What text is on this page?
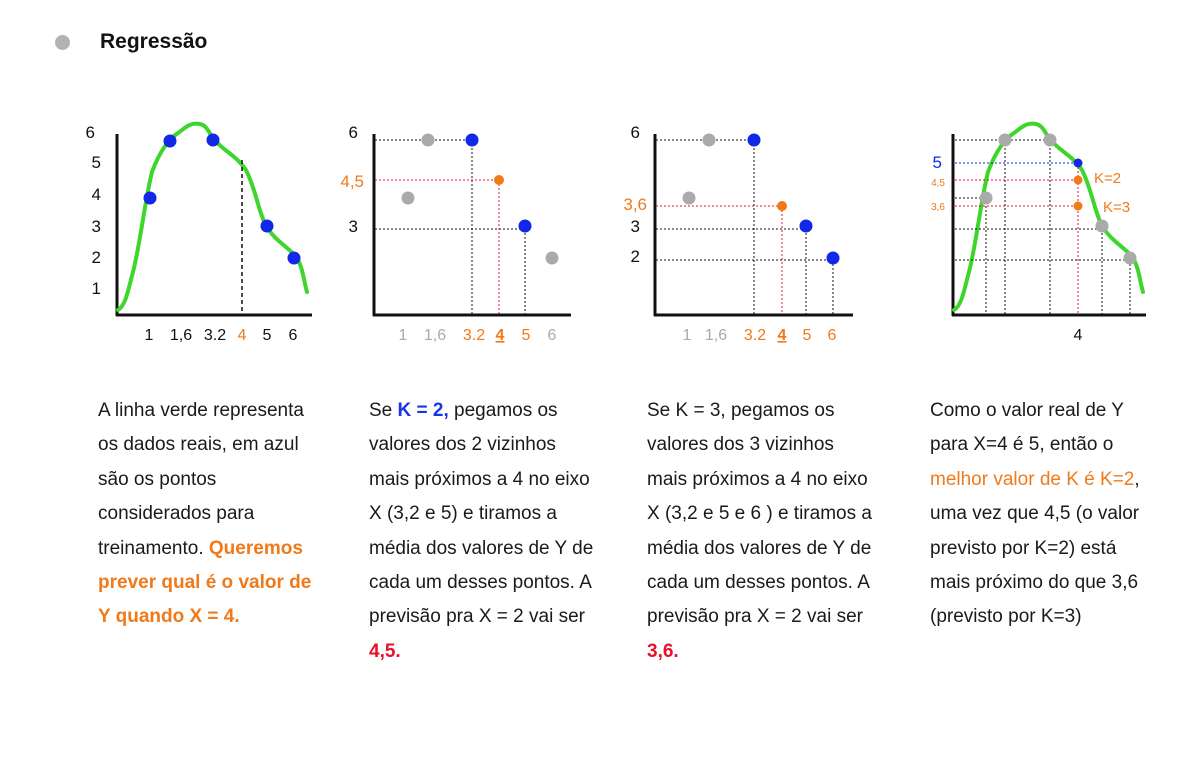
Regressão
6
5
4
3
2
1
1 1,6 3.2 4 5 6
6
4,5
3
1 1,6 3.2 4 5 6
6
3,6
3
2
1 1,6 3.2 4 5 6
5
4,5
3,6
K=2
K=3
4

A linha verde representa os dados reais, em azul são os pontos considerados para treinamento. Queremos prever qual é o valor de Y quando X = 4.

Se K = 2, pegamos os valores dos 2 vizinhos mais próximos a 4 no eixo X (3,2 e 5) e tiramos a média dos valores de Y de cada um desses pontos. A previsão pra X = 2 vai ser 4,5.

Se K = 3, pegamos os valores dos 3 vizinhos mais próximos a 4 no eixo X (3,2 e 5 e 6 ) e tiramos a média dos valores de Y de cada um desses pontos. A previsão pra X = 2 vai ser 3,6.

Como o valor real de Y para X=4 é 5, então o melhor valor de K é K=2, uma vez que 4,5 (o valor previsto por K=2) está mais próximo do que 3,6 (previsto por K=3)
